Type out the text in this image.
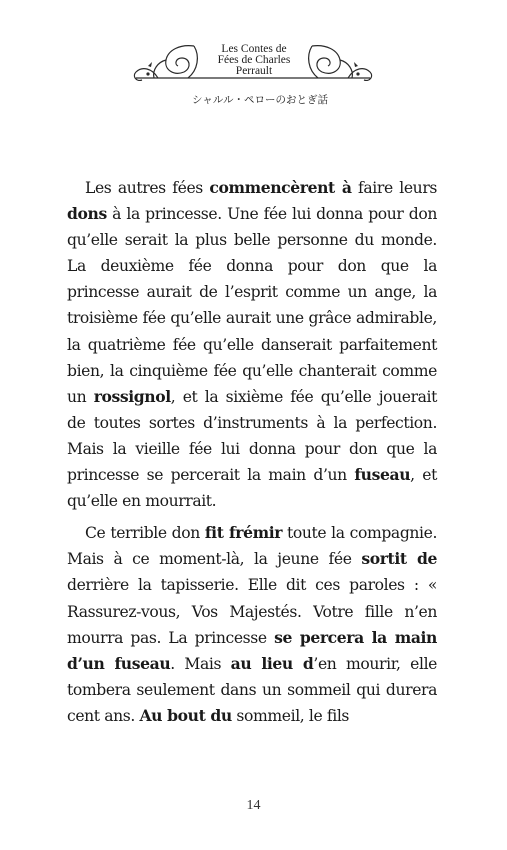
Les Contes de
Fées de Charles
Perrault
シャルル・ペローのおとぎ話

Les autres fées commencèrent à faire leurs dons à la princesse. Une fée lui donna pour don qu’elle serait la plus belle personne du monde. La deuxième fée donna pour don que la princesse aurait de l’esprit comme un ange, la troisième fée qu’elle aurait une grâce admirable, la quatrième fée qu’elle danserait parfaitement bien, la cinquième fée qu’elle chanterait comme un rossignol, et la sixième fée qu’elle jouerait de toutes sortes d’instruments à la perfection. Mais la vieille fée lui donna pour don que la princesse se percerait la main d’un fuseau, et qu’elle en mourrait.

Ce terrible don fit frémir toute la compagnie. Mais à ce moment-là, la jeune fée sortit de derrière la tapisserie. Elle dit ces paroles : « Rassurez-vous, Vos Majestés. Votre fille n’en mourra pas. La princesse se percera la main d’un fuseau. Mais au lieu d’en mourir, elle tombera seulement dans un sommeil qui durera cent ans. Au bout du sommeil, le fils

14
